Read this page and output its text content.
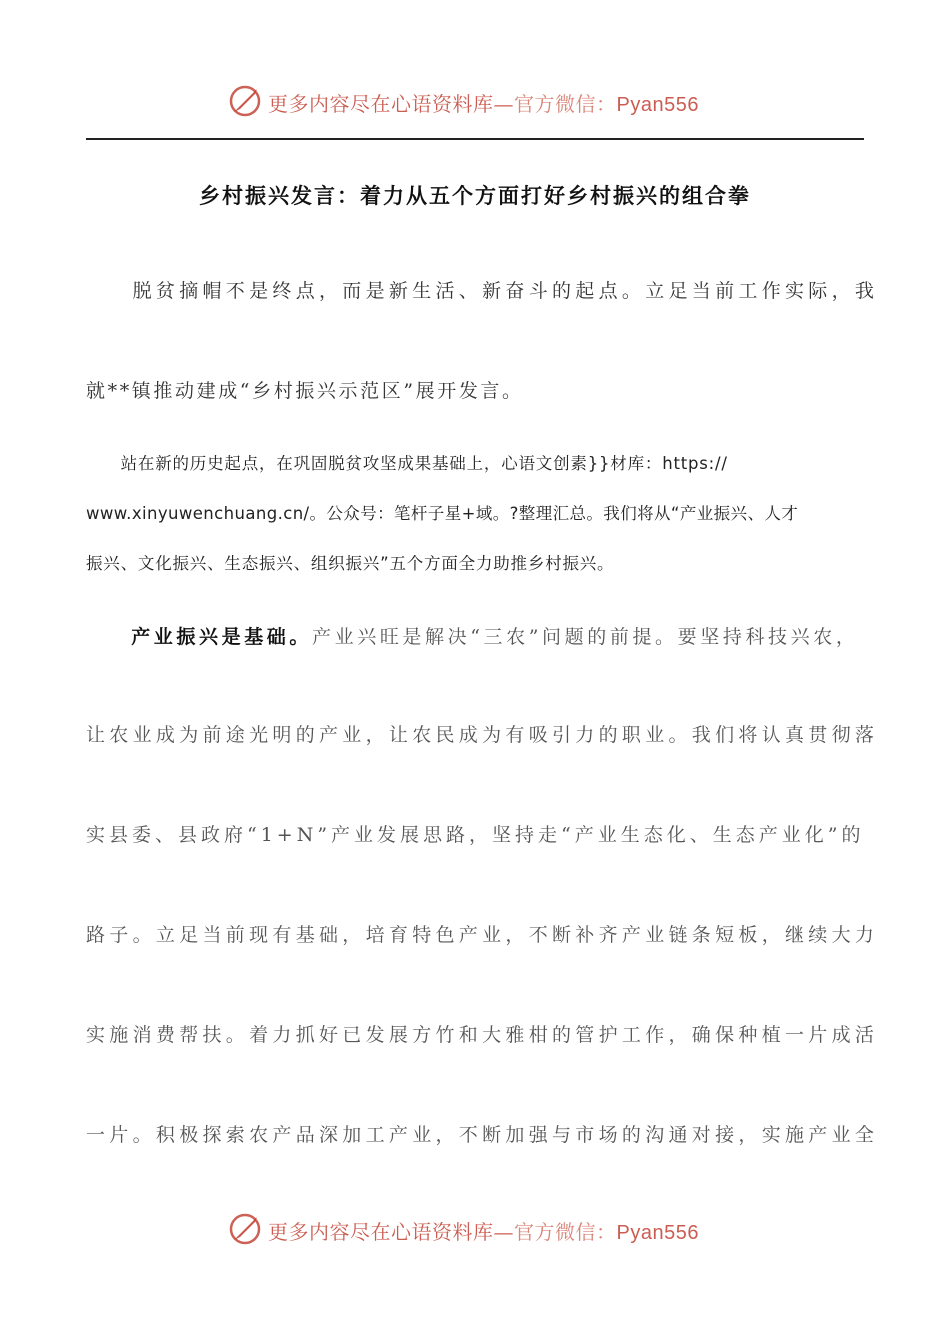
更多内容尽在心语资料库—官方微信：Pyan556
乡村振兴发言：着力从五个方面打好乡村振兴的组合拳
　　脱贫摘帽不是终点，而是新生活、新奋斗的起点。立足当前工作实际，我
就**镇推动建成“乡村振兴示范区”展开发言。
　　站在新的历史起点，在巩固脱贫攻坚成果基础上，心语文创素}}材库：https://
www.xinyuwenchuang.cn/。公众号：笔杆子星+域。?整理汇总。我们将从“产业振兴、人才
振兴、文化振兴、生态振兴、组织振兴”五个方面全力助推乡村振兴。
　　产业振兴是基础。产业兴旺是解决“三农”问题的前提。要坚持科技兴农，
让农业成为前途光明的产业，让农民成为有吸引力的职业。我们将认真贯彻落
实县委、县政府“1+N”产业发展思路，坚持走“产业生态化、生态产业化”的
路子。立足当前现有基础，培育特色产业，不断补齐产业链条短板，继续大力
实施消费帮扶。着力抓好已发展方竹和大雅柑的管护工作，确保种植一片成活
一片。积极探索农产品深加工产业，不断加强与市场的沟通对接，实施产业全
更多内容尽在心语资料库—官方微信：Pyan556
